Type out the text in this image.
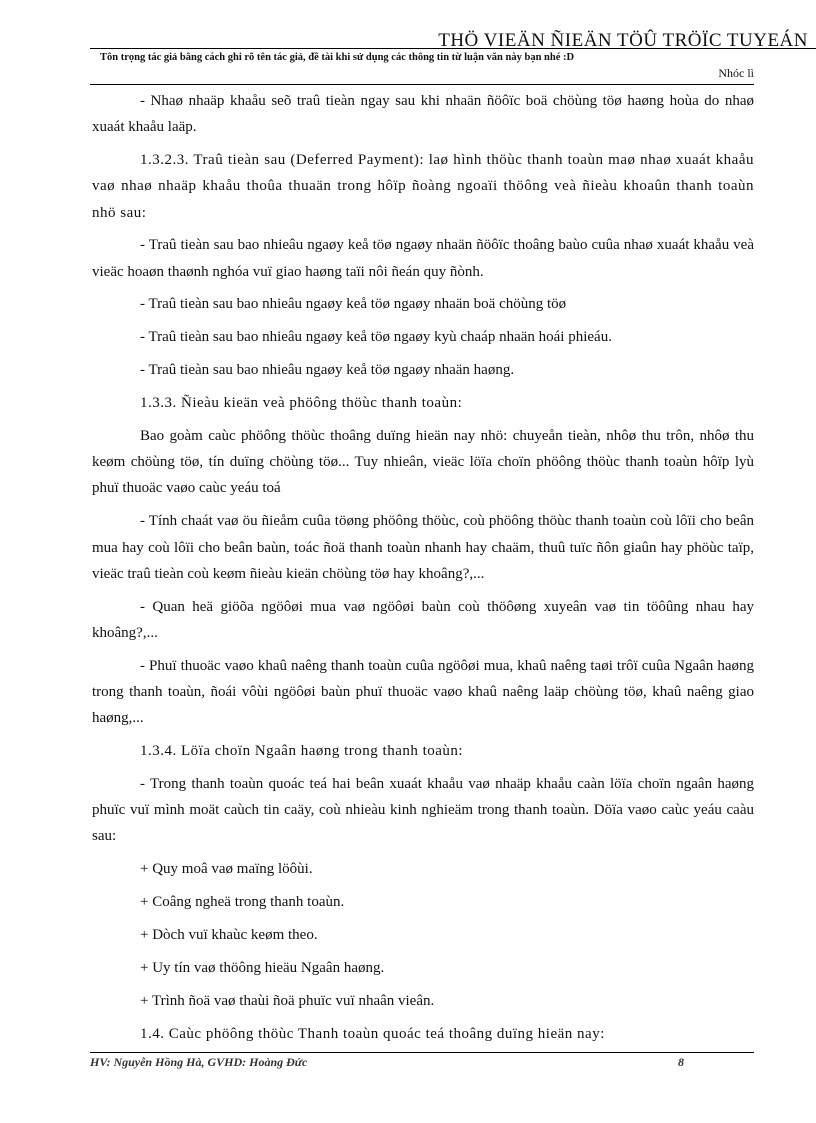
THÖ VIEÄN ÑIEÄN TÖÛ TRÖÏC TUYEÁN
Tôn trọng tác giả bằng cách ghi rõ tên tác giả, đề tài khi sử dụng các thông tin từ luận văn này bạn nhé :D
Nhóc lì

- Nhaø nhaäp khaåu seõ traû tieàn ngay sau khi nhaän ñöôïc boä chöùng töø haøng hoùa do nhaø xuaát khaåu laäp.

1.3.2.3. Traû tieàn sau (Deferred Payment): laø hình thöùc thanh toaùn maø nhaø xuaát khaåu vaø nhaø nhaäp khaåu thoûa thuaän trong hôïp ñoàng ngoaïi thöông veà ñieàu khoaûn thanh toaùn nhö sau:

- Traû tieàn sau bao nhieâu ngaøy keå töø ngaøy nhaän ñöôïc thoâng baùo cuûa nhaø xuaát khaåu veà vieäc hoaøn thaønh nghóa vuï giao haøng taïi nôi ñeán quy ñònh.

- Traû tieàn sau bao nhieâu ngaøy keå töø ngaøy nhaän boä chöùng töø

- Traû tieàn sau bao nhieâu ngaøy keå töø ngaøy kyù chaáp nhaän hoái phieáu.

- Traû tieàn sau bao nhieâu ngaøy keå töø ngaøy nhaän haøng.

1.3.3. Ñieàu kieän veà phöông thöùc thanh toaùn:

Bao goàm caùc phöông thöùc thoâng duïng hieän nay nhö: chuyeån tieàn, nhôø thu trôn, nhôø thu keøm chöùng töø, tín duïng chöùng töø... Tuy nhieân, vieäc löïa choïn phöông thöùc thanh toaùn hôïp lyù phuï thuoäc vaøo caùc yeáu toá

- Tính chaát vaø öu ñieåm cuûa töøng phöông thöùc, coù phöông thöùc thanh toaùn coù lôïi cho beân mua hay coù lôïi cho beân baùn, toác ñoä thanh toaùn nhanh hay chaäm, thuû tuïc ñôn giaûn hay phöùc taïp, vieäc traû tieàn coù keøm ñieàu kieän chöùng töø hay khoâng?,...

- Quan heä giöõa ngöôøi mua vaø ngöôøi baùn coù thöôøng xuyeân vaø tin töôûng nhau hay khoâng?,...

- Phuï thuoäc vaøo khaû naêng thanh toaùn cuûa ngöôøi mua, khaû naêng taøi trôï cuûa Ngaân haøng trong thanh toaùn, ñoái vôùi ngöôøi baùn phuï thuoäc vaøo khaû naêng laäp chöùng töø, khaû naêng giao haøng,...

1.3.4. Löïa choïn Ngaân haøng trong thanh toaùn:

- Trong thanh toaùn quoác teá hai beân xuaát khaåu vaø nhaäp khaåu caàn löïa choïn ngaân haøng phuïc vuï mình moät caùch tin caäy, coù nhieàu kinh nghieäm trong thanh toaùn. Döïa vaøo caùc yeáu caàu sau:

+ Quy moâ vaø maïng löôùi.

+ Coâng ngheä trong thanh toaùn.

+ Dòch vuï khaùc keøm theo.

+ Uy tín vaø thöông hieäu Ngaân haøng.

+ Trình ñoä vaø thaùi ñoä phuïc vuï nhaân vieân.

1.4. Caùc phöông thöùc Thanh toaùn quoác teá thoâng duïng hieän nay:

HV: Nguyễn Hồng Hà, GVHD: Hoàng Đức	8
